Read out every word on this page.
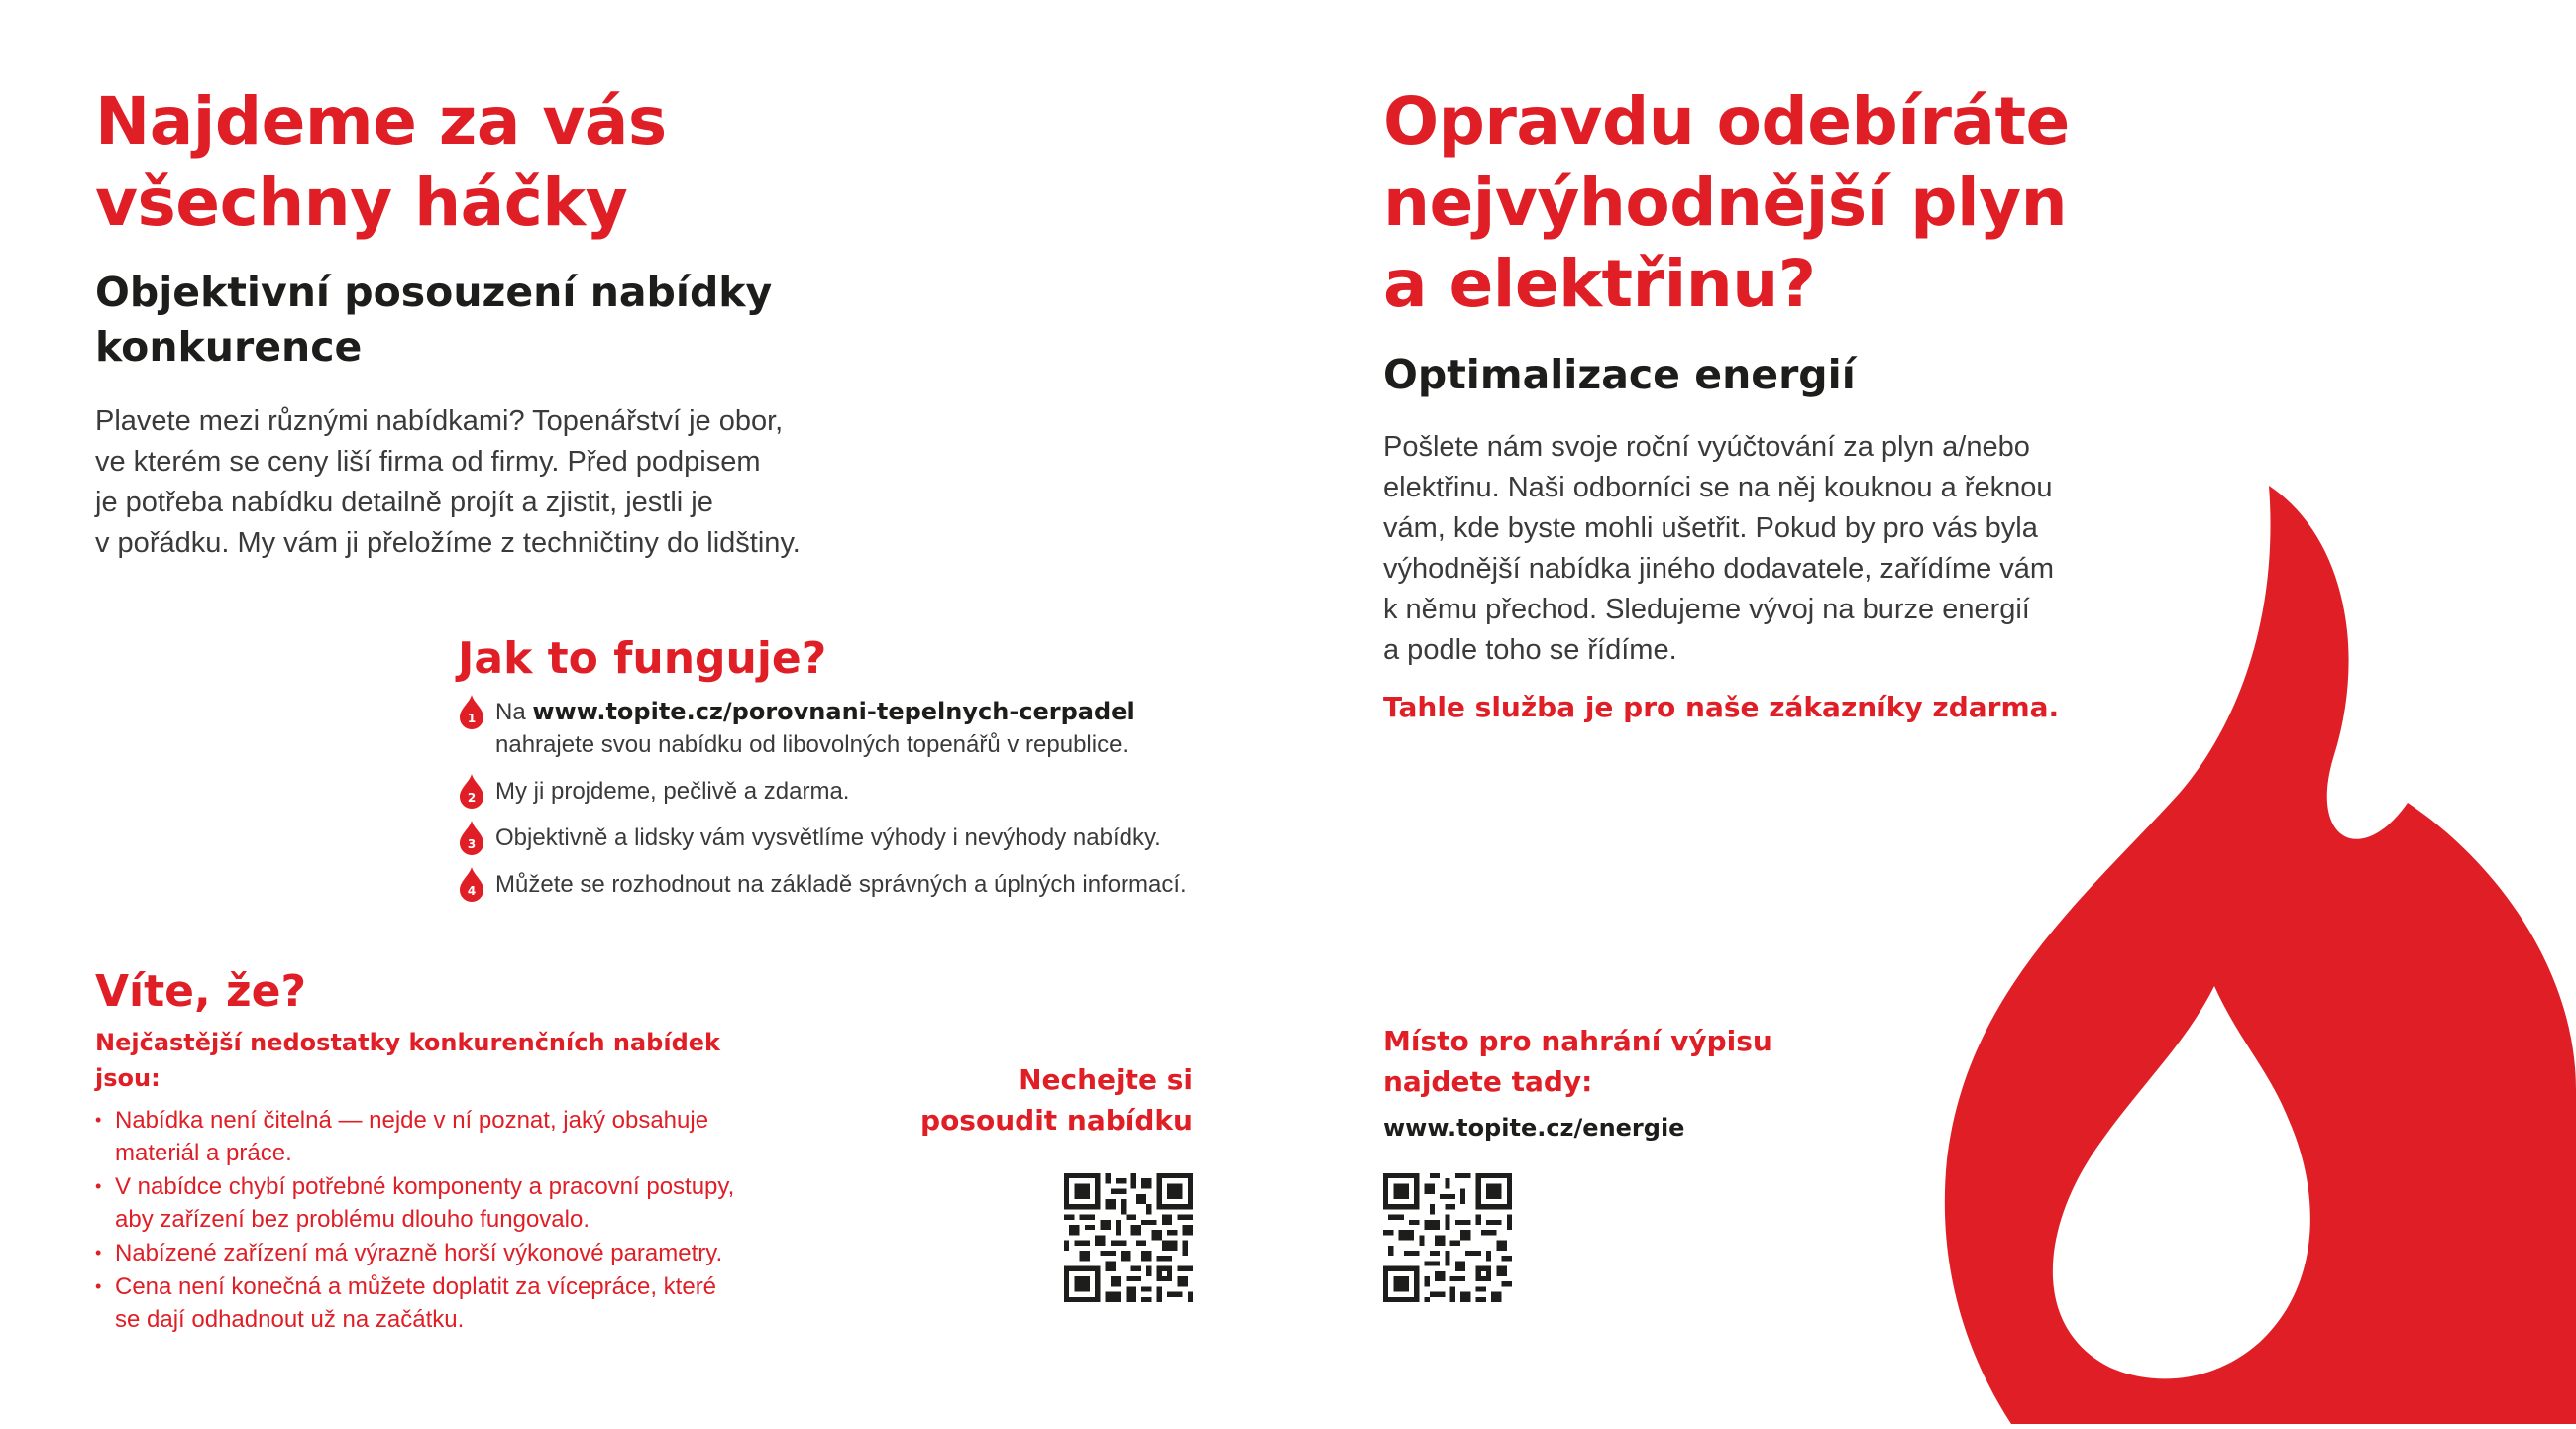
Najdeme za vás
všechny háčky
Objektivní posouzení nabídky
konkurence

Plavete mezi různými nabídkami? Topenářství je obor,

ve kterém se ceny liší firma od firmy. Před podpisem

je potřeba nabídku detailně projít a zjistit, jestli je

v pořádku. My vám ji přeložíme z techničtiny do lidštiny.

Jak to funguje?
1 Na www.topite.cz/porovnani-tepelnych-cerpadel
nahrajete svou nabídku od libovolných topenářů v republice.
2 My ji projdeme, pečlivě a zdarma.
3 Objektivně a lidsky vám vysvětlíme výhody i nevýhody nabídky.
4 Můžete se rozhodnout na základě správných a úplných informací.
Víte, že?
Nejčastější nedostatky konkurenčních nabídek jsou:
• Nabídka není čitelná — nejde v ní poznat, jaký obsahuje
materiál a práce.
• V nabídce chybí potřebné komponenty a pracovní postupy,
aby zařízení bez problému dlouho fungovalo.
• Nabízené zařízení má výrazně horší výkonové parametry.
• Cena není konečná a můžete doplatit za vícepráce, které
se dají odhadnout už na začátku.
Nechejte si
posoudit nabídku
Opravdu odebíráte
nejvýhodnější plyn
a elektřinu?
Optimalizace energií

Pošlete nám svoje roční vyúčtování za plyn a/nebo

elektřinu. Naši odborníci se na něj kouknou a řeknou

vám, kde byste mohli ušetřit. Pokud by pro vás byla

výhodnější nabídka jiného dodavatele, zařídíme vám

k němu přechod. Sledujeme vývoj na burze energií

a podle toho se řídíme.

Tahle služba je pro naše zákazníky zdarma.
Místo pro nahrání výpisu
najdete tady:
www.topite.cz/energie
